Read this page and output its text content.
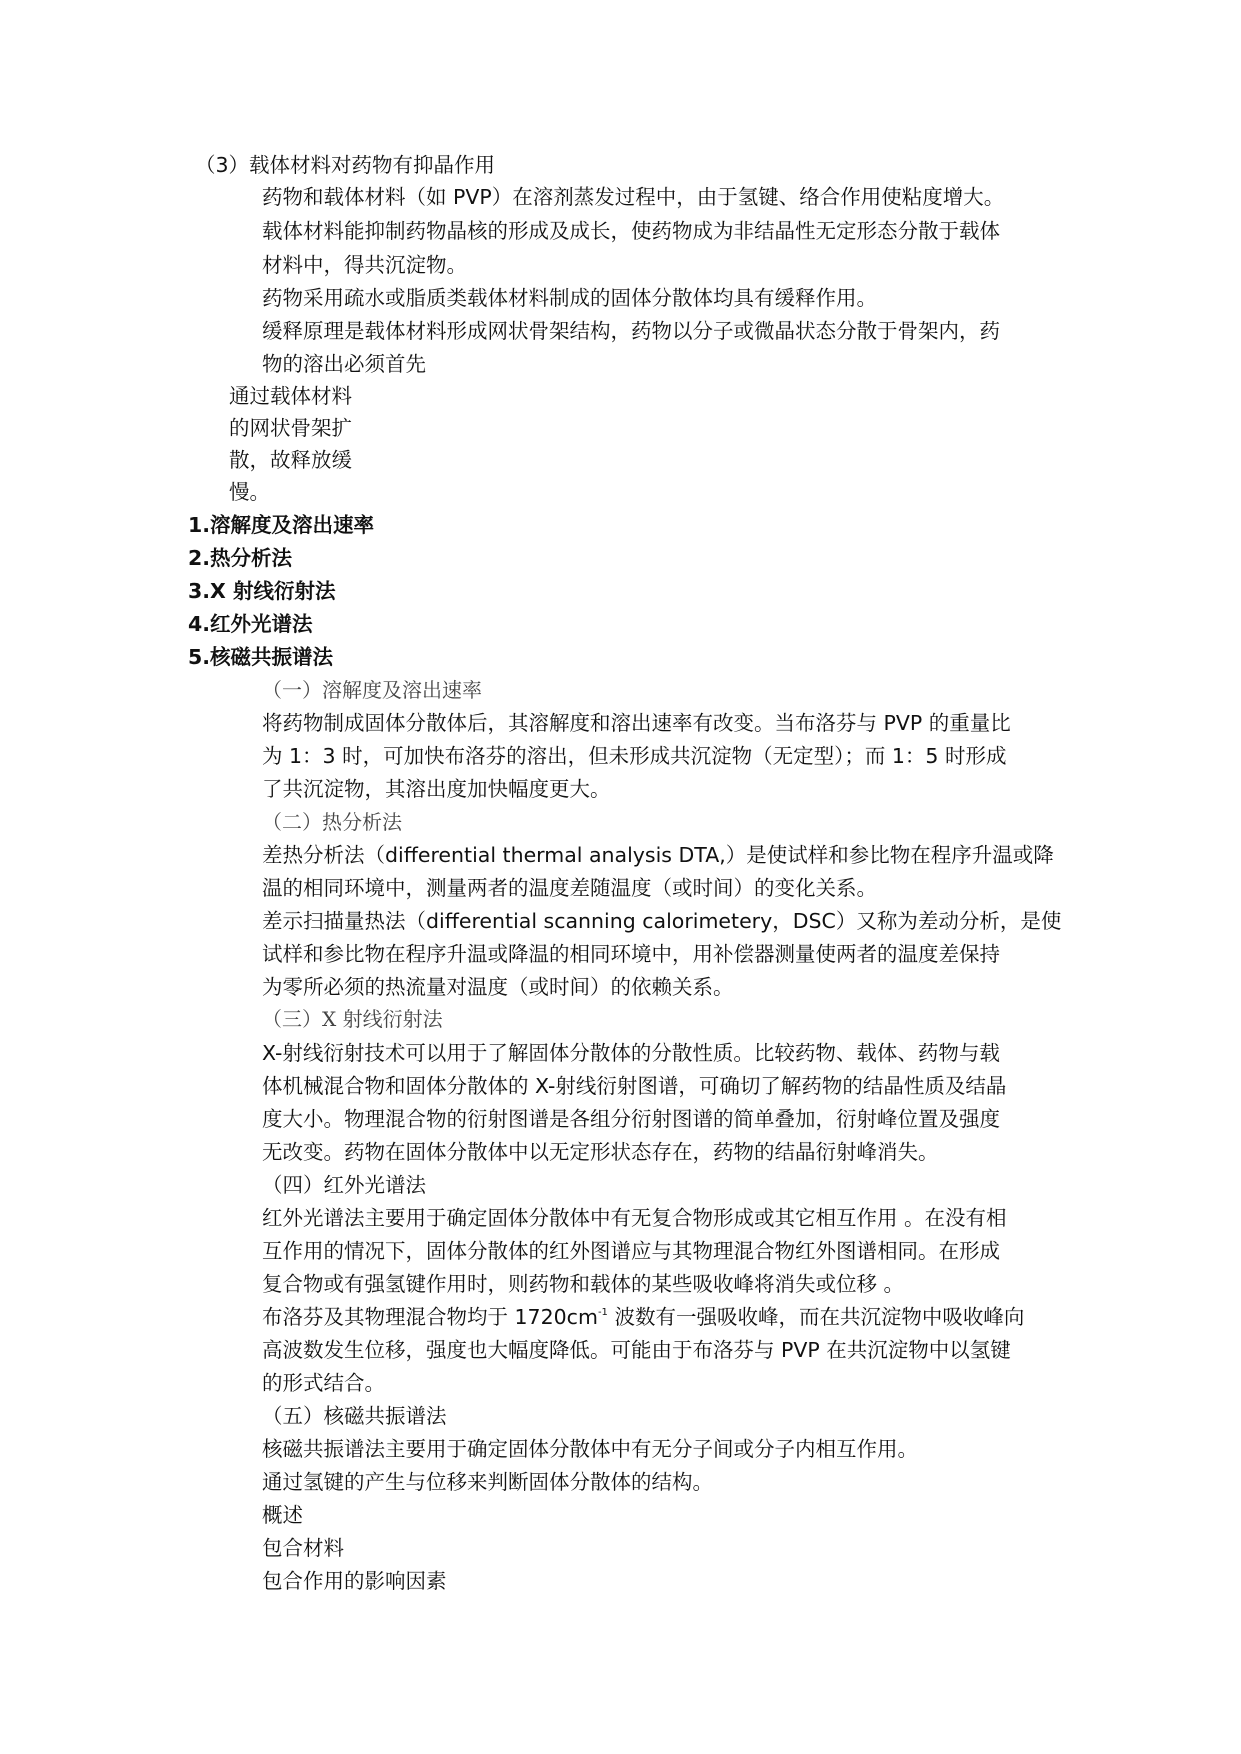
（3）载体材料对药物有抑晶作用
药物和载体材料（如 PVP）在溶剂蒸发过程中，由于氢键、络合作用使粘度增大。
载体材料能抑制药物晶核的形成及成长，使药物成为非结晶性无定形态分散于载体
材料中，得共沉淀物。
药物采用疏水或脂质类载体材料制成的固体分散体均具有缓释作用。
缓释原理是载体材料形成网状骨架结构，药物以分子或微晶状态分散于骨架内，药
物的溶出必须首先
通过载体材料
的网状骨架扩
散，故释放缓
慢。
1.溶解度及溶出速率
2.热分析法
3.X 射线衍射法
4.红外光谱法
5.核磁共振谱法
（一）溶解度及溶出速率
将药物制成固体分散体后，其溶解度和溶出速率有改变。当布洛芬与 PVP 的重量比
为 1：3 时，可加快布洛芬的溶出，但未形成共沉淀物（无定型）；而 1：5 时形成
了共沉淀物，其溶出度加快幅度更大。
（二）热分析法
差热分析法（differential thermal analysis DTA,）是使试样和参比物在程序升温或降
温的相同环境中，测量两者的温度差随温度（或时间）的变化关系。
差示扫描量热法（differential scanning calorimetery，DSC）又称为差动分析，是使
试样和参比物在程序升温或降温的相同环境中，用补偿器测量使两者的温度差保持
为零所必须的热流量对温度（或时间）的依赖关系。
（三）X 射线衍射法
X-射线衍射技术可以用于了解固体分散体的分散性质。比较药物、载体、药物与载
体机械混合物和固体分散体的 X-射线衍射图谱，可确切了解药物的结晶性质及结晶
度大小。物理混合物的衍射图谱是各组分衍射图谱的简单叠加，衍射峰位置及强度
无改变。药物在固体分散体中以无定形状态存在，药物的结晶衍射峰消失。
（四）红外光谱法
红外光谱法主要用于确定固体分散体中有无复合物形成或其它相互作用 。在没有相
互作用的情况下，固体分散体的红外图谱应与其物理混合物红外图谱相同。在形成
复合物或有强氢键作用时，则药物和载体的某些吸收峰将消失或位移 。
布洛芬及其物理混合物均于 $1720cm^{-1}$ 波数有一强吸收峰，而在共沉淀物中吸收峰向
高波数发生位移，强度也大幅度降低。可能由于布洛芬与 PVP 在共沉淀物中以氢键
的形式结合。
（五）核磁共振谱法
核磁共振谱法主要用于确定固体分散体中有无分子间或分子内相互作用。
通过氢键的产生与位移来判断固体分散体的结构。
概述
包合材料
包合作用的影响因素
